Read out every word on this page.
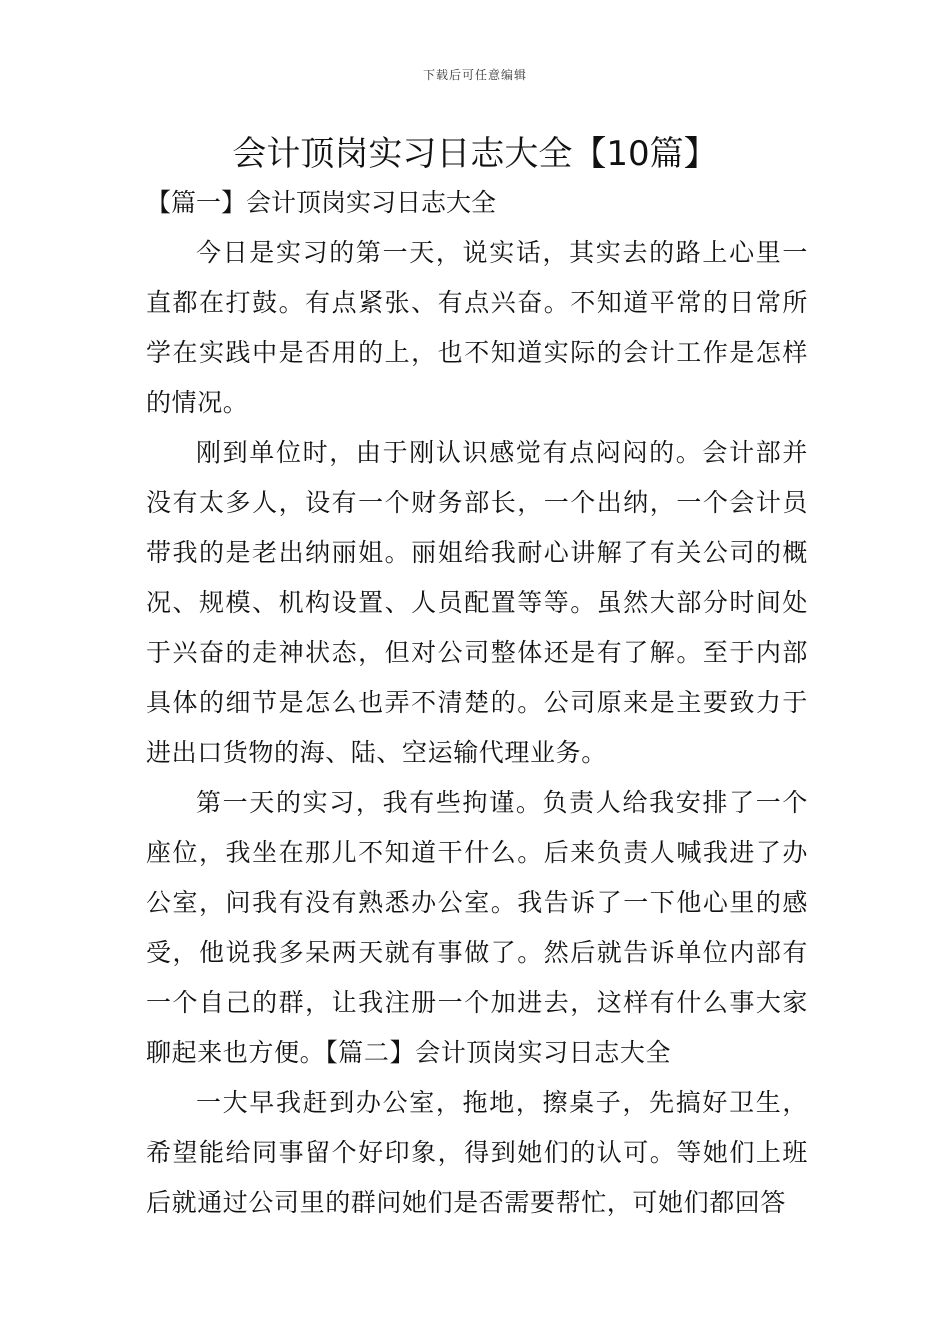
下载后可任意编辑
会计顶岗实习日志大全【10篇】
【篇一】会计顶岗实习日志大全

今日是实习的第一天，说实话，其实去的路上心里一直都在打鼓。有点紧张、有点兴奋。不知道平常的日常所学在实践中是否用的上，也不知道实际的会计工作是怎样的情况。

刚到单位时，由于刚认识感觉有点闷闷的。会计部并没有太多人，设有一个财务部长，一个出纳，一个会计员带我的是老出纳丽姐。丽姐给我耐心讲解了有关公司的概况、规模、机构设置、人员配置等等。虽然大部分时间处于兴奋的走神状态，但对公司整体还是有了解。至于内部具体的细节是怎么也弄不清楚的。公司原来是主要致力于进出口货物的海、陆、空运输代理业务。

第一天的实习，我有些拘谨。负责人给我安排了一个座位，我坐在那儿不知道干什么。后来负责人喊我进了办公室，问我有没有熟悉办公室。我告诉了一下他心里的感受，他说我多呆两天就有事做了。然后就告诉单位内部有一个自己的群，让我注册一个加进去，这样有什么事大家聊起来也方便。【篇二】会计顶岗实习日志大全

一大早我赶到办公室，拖地，擦桌子，先搞好卫生，希望能给同事留个好印象，得到她们的认可。等她们上班后就通过公司里的群问她们是否需要帮忙，可她们都回答
